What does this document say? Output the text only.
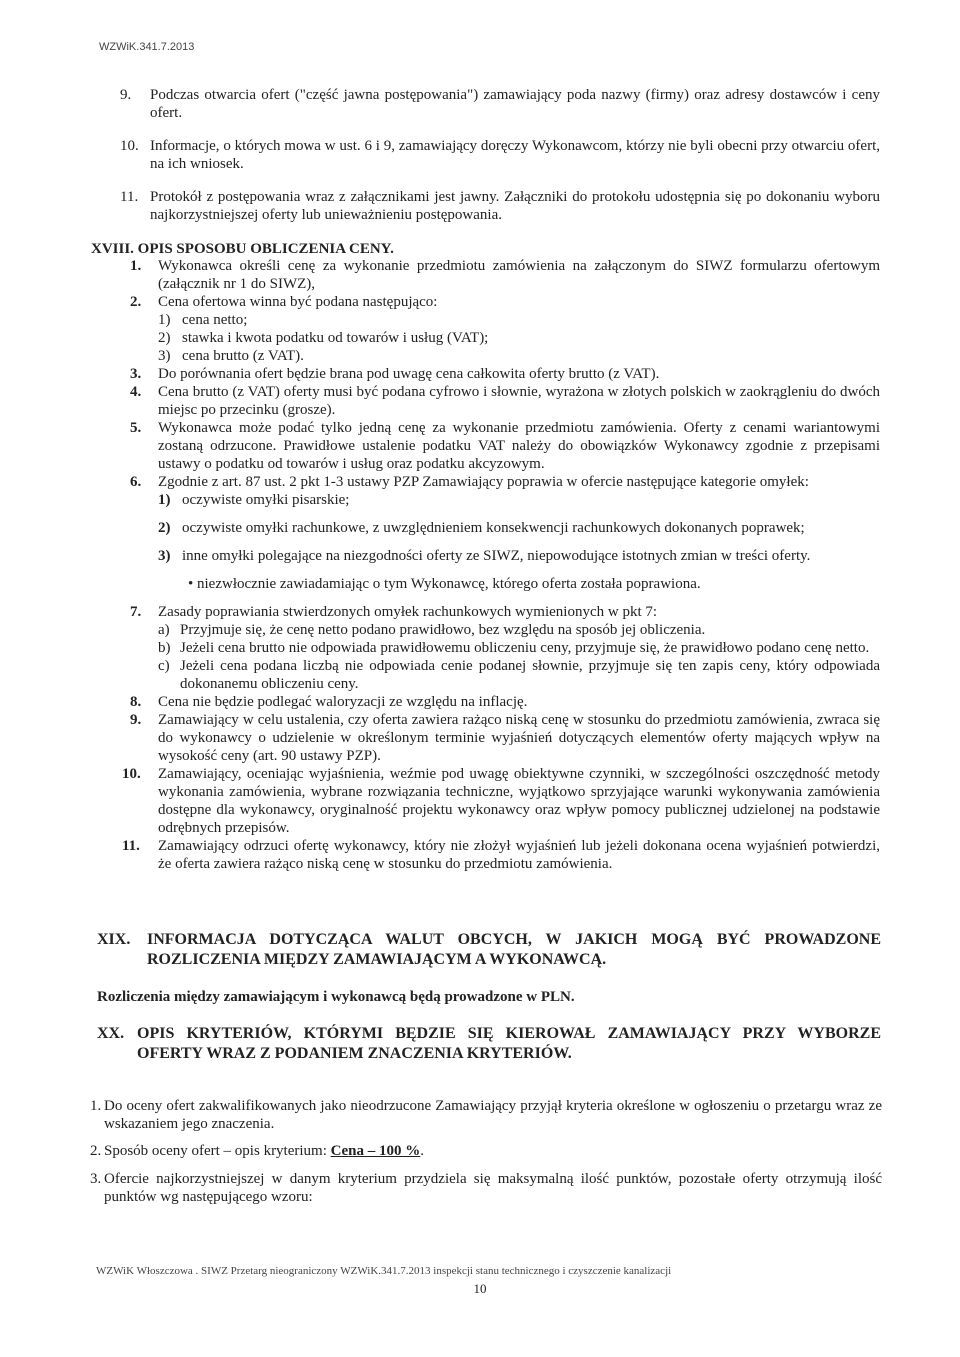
WZWiK.341.7.2013
9. Podczas otwarcia ofert ("część jawna postępowania") zamawiający poda nazwy (firmy) oraz adresy dostawców i ceny ofert.
10. Informacje, o których mowa w ust. 6 i 9, zamawiający doręczy Wykonawcom, którzy nie byli obecni przy otwarciu ofert, na ich wniosek.
11. Protokół z postępowania wraz z załącznikami jest jawny. Załączniki do protokołu udostępnia się po dokonaniu wyboru najkorzystniejszej oferty lub unieważnieniu postępowania.
XVIII. OPIS SPOSOBU OBLICZENIA CENY.
1. Wykonawca określi cenę za wykonanie przedmiotu zamówienia na załączonym do SIWZ formularzu ofertowym (załącznik nr 1 do SIWZ),
2. Cena ofertowa winna być podana następująco:
1) cena netto;
2) stawka i kwota podatku od towarów i usług (VAT);
3) cena brutto (z VAT).
3. Do porównania ofert będzie brana pod uwagę cena całkowita oferty brutto (z VAT).
4. Cena brutto (z VAT) oferty musi być podana cyfrowo i słownie, wyrażona w złotych polskich w zaokrągleniu do dwóch miejsc po przecinku (grosze).
5. Wykonawca może podać tylko jedną cenę za wykonanie przedmiotu zamówienia. Oferty z cenami wariantowymi zostaną odrzucone. Prawidłowe ustalenie podatku VAT należy do obowiązków Wykonawcy zgodnie z przepisami ustawy o podatku od towarów i usług oraz podatku akcyzowym.
6. Zgodnie z art. 87 ust. 2 pkt 1-3 ustawy PZP Zamawiający poprawia w ofercie następujące kategorie omyłek:
1) oczywiste omyłki pisarskie;
2) oczywiste omyłki rachunkowe, z uwzględnieniem konsekwencji rachunkowych dokonanych poprawek;
3) inne omyłki polegające na niezgodności oferty ze SIWZ, niepowodujące istotnych zmian w treści oferty.
• niezwłocznie zawiadamiając o tym Wykonawcę, którego oferta została poprawiona.
7. Zasady poprawiania stwierdzonych omyłek rachunkowych wymienionych w pkt 7:
a) Przyjmuje się, że cenę netto podano prawidłowo, bez względu na sposób jej obliczenia.
b) Jeżeli cena brutto nie odpowiada prawidłowemu obliczeniu ceny, przyjmuje się, że prawidłowo podano cenę netto.
c) Jeżeli cena podana liczbą nie odpowiada cenie podanej słownie, przyjmuje się ten zapis ceny, który odpowiada dokonanemu obliczeniu ceny.
8. Cena nie będzie podlegać waloryzacji ze względu na inflację.
9. Zamawiający w celu ustalenia, czy oferta zawiera rażąco niską cenę w stosunku do przedmiotu zamówienia, zwraca się do wykonawcy o udzielenie w określonym terminie wyjaśnień dotyczących elementów oferty mających wpływ na wysokość ceny (art. 90 ustawy PZP).
10. Zamawiający, oceniając wyjaśnienia, weźmie pod uwagę obiektywne czynniki, w szczególności oszczędność metody wykonania zamówienia, wybrane rozwiązania techniczne, wyjątkowo sprzyjające warunki wykonywania zamówienia dostępne dla wykonawcy, oryginalność projektu wykonawcy oraz wpływ pomocy publicznej udzielonej na podstawie odrębnych przepisów.
11. Zamawiający odrzuci ofertę wykonawcy, który nie złożył wyjaśnień lub jeżeli dokonana ocena wyjaśnień potwierdzi, że oferta zawiera rażąco niską cenę w stosunku do przedmiotu zamówienia.
XIX. INFORMACJA DOTYCZĄCA WALUT OBCYCH, W JAKICH MOGĄ BYĆ PROWADZONE ROZLICZENIA MIĘDZY ZAMAWIAJĄCYM A WYKONAWCĄ.
Rozliczenia między zamawiającym i wykonawcą będą prowadzone w PLN.
XX. OPIS KRYTERIÓW, KTÓRYMI BĘDZIE SIĘ KIEROWAŁ ZAMAWIAJĄCY PRZY WYBORZE OFERTY WRAZ Z PODANIEM ZNACZENIA KRYTERIÓW.
1. Do oceny ofert zakwalifikowanych jako nieodrzucone Zamawiający przyjął kryteria określone w ogłoszeniu o przetargu wraz ze wskazaniem jego znaczenia.
2. Sposób oceny ofert – opis kryterium: Cena – 100 %.
3. Ofercie najkorzystniejszej w danym kryterium przydziela się maksymalną ilość punktów, pozostałe oferty otrzymują ilość punktów wg następującego wzoru:
WZWiK Włoszczowa . SIWZ Przetarg nieograniczony WZWiK.341.7.2013 inspekcji stanu technicznego i czyszczenie kanalizacji
10
